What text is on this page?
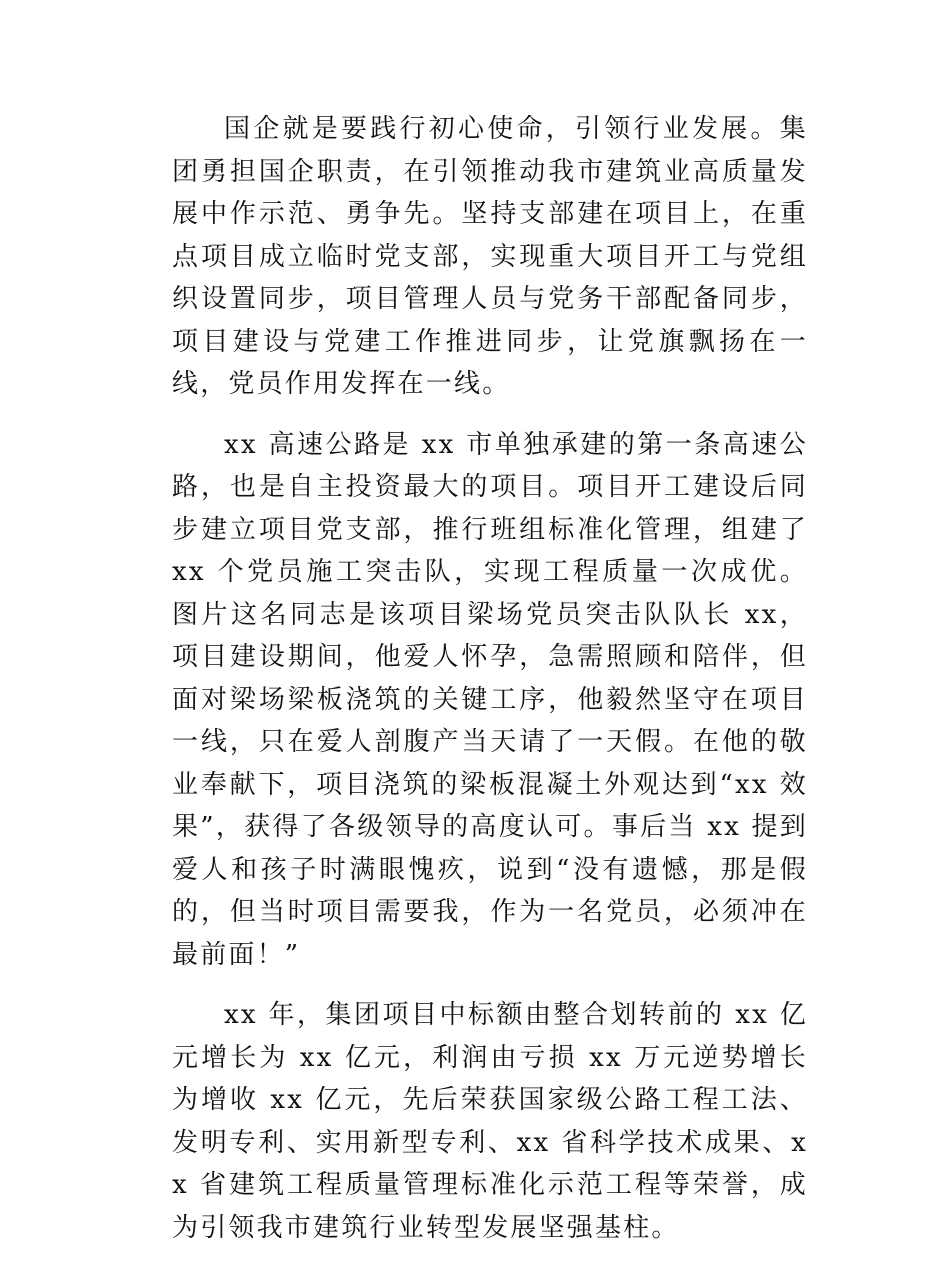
国企就是要践行初心使命，引领行业发展。集团勇担国企职责，在引领推动我市建筑业高质量发展中作示范、勇争先。坚持支部建在项目上，在重点项目成立临时党支部，实现重大项目开工与党组织设置同步，项目管理人员与党务干部配备同步，项目建设与党建工作推进同步，让党旗飘扬在一线，党员作用发挥在一线。

xx 高速公路是 xx 市单独承建的第一条高速公路，也是自主投资最大的项目。项目开工建设后同步建立项目党支部，推行班组标准化管理，组建了 xx 个党员施工突击队，实现工程质量一次成优。图片这名同志是该项目梁场党员突击队队长 xx，项目建设期间，他爱人怀孕，急需照顾和陪伴，但面对梁场梁板浇筑的关键工序，他毅然坚守在项目一线，只在爱人剖腹产当天请了一天假。在他的敬业奉献下，项目浇筑的梁板混凝土外观达到“xx 效果”，获得了各级领导的高度认可。事后当 xx 提到爱人和孩子时满眼愧疚，说到“没有遗憾，那是假的，但当时项目需要我，作为一名党员，必须冲在最前面！”

xx 年，集团项目中标额由整合划转前的 xx 亿元增长为 xx 亿元，利润由亏损 xx 万元逆势增长为增收 xx 亿元，先后荣获国家级公路工程工法、发明专利、实用新型专利、xx 省科学技术成果、xx 省建筑工程质量管理标准化示范工程等荣誉，成为引领我市建筑行业转型发展坚强基柱。
